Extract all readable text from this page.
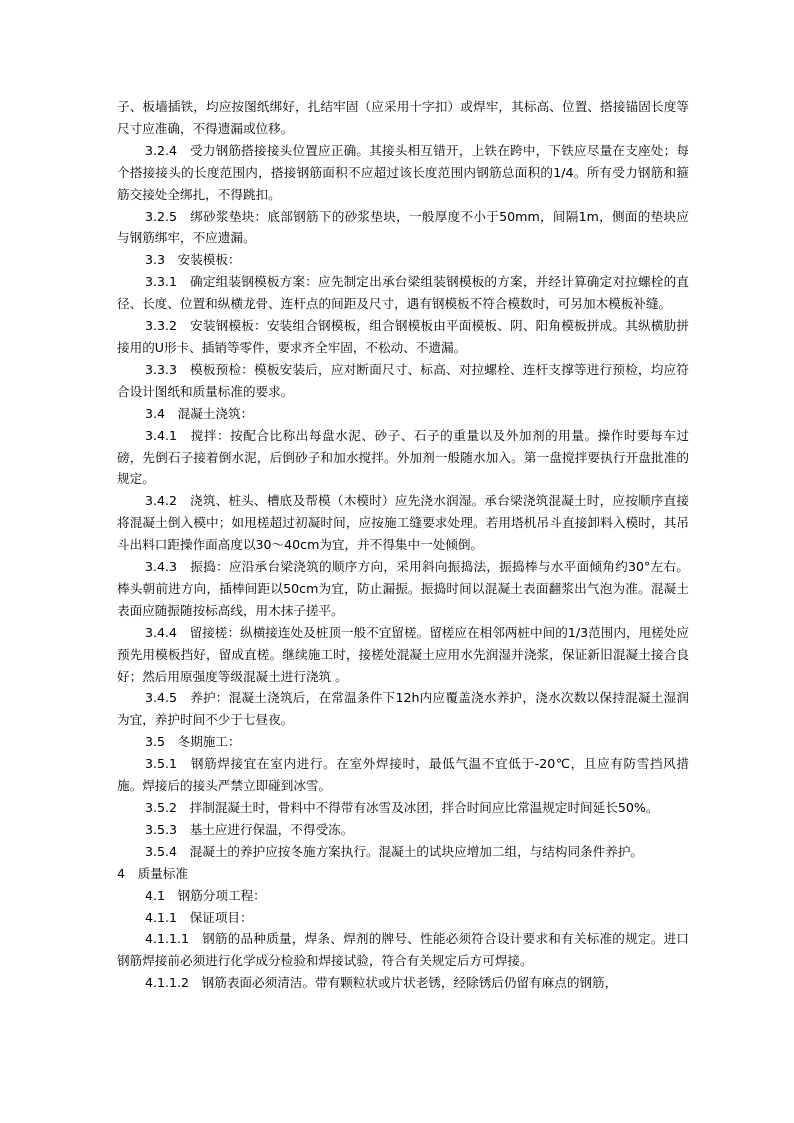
子、板墙插铁，均应按图纸绑好，扎结牢固（应采用十字扣）或焊牢，其标高、位置、搭接锚固长度等尺寸应准确，不得遗漏或位移。

3.2.4　受力钢筋搭接接头位置应正确。其接头相互错开，上铁在跨中，下铁应尽量在支座处；每个搭接接头的长度范围内，搭接钢筋面积不应超过该长度范围内钢筋总面积的1/4。所有受力钢筋和箍筋交接处全绑扎，不得跳扣。

3.2.5　绑砂浆垫块：底部钢筋下的砂浆垫块，一般厚度不小于50mm，间隔1m，侧面的垫块应与钢筋绑牢，不应遗漏。

3.3　安装模板：

3.3.1　确定组装钢模板方案：应先制定出承台梁组装钢模板的方案，并经计算确定对拉螺栓的直径、长度、位置和纵横龙骨、连杆点的间距及尺寸，遇有钢模板不符合模数时，可另加木模板补缝。

3.3.2　安装钢模板：安装组合钢模板，组合钢模板由平面模板、阴、阳角模板拼成。其纵横肋拼接用的U形卡、插销等零件，要求齐全牢固，不松动、不遗漏。

3.3.3　模板预检：模板安装后，应对断面尺寸、标高、对拉螺栓、连杆支撑等进行预检，均应符合设计图纸和质量标准的要求。

3.4　混凝土浇筑：

3.4.1　搅拌：按配合比称出每盘水泥、砂子、石子的重量以及外加剂的用量。操作时要每车过磅，先倒石子接着倒水泥，后倒砂子和加水搅拌。外加剂一般随水加入。第一盘搅拌要执行开盘批准的规定。

3.4.2　浇筑、桩头、槽底及帮模（木模时）应先浇水润湿。承台梁浇筑混凝土时，应按顺序直接将混凝土倒入模中；如甩槎超过初凝时间，应按施工缝要求处理。若用塔机吊斗直接卸料入模时，其吊斗出料口距操作面高度以30～40cm为宜，并不得集中一处倾倒。

3.4.3　振捣：应沿承台梁浇筑的顺序方向，采用斜向振捣法，振捣棒与水平面倾角约30°左右。棒头朝前进方向，插棒间距以50cm为宜，防止漏振。振捣时间以混凝土表面翻浆出气泡为准。混凝土表面应随振随按标高线，用木抹子搓平。

3.4.4　留接槎：纵横接连处及桩顶一般不宜留槎。留槎应在相邻两桩中间的1/3范围内，甩槎处应预先用模板挡好，留成直槎。继续施工时，接槎处混凝土应用水先润湿并浇浆，保证新旧混凝土接合良好；然后用原强度等级混凝土进行浇筑 。

3.4.5　养护：混凝土浇筑后，在常温条件下12h内应覆盖浇水养护，浇水次数以保持混凝土湿润为宜，养护时间不少于七昼夜。

3.5　冬期施工：

3.5.1　钢筋焊接宜在室内进行。在室外焊接时，最低气温不宜低于-20℃，且应有防雪挡风措施。焊接后的接头严禁立即碰到冰雪。

3.5.2　拌制混凝土时，骨料中不得带有冰雪及冰团，拌合时间应比常温规定时间延长50%。

3.5.3　基土应进行保温，不得受冻。

3.5.4　混凝土的养护应按冬施方案执行。混凝土的试块应增加二组，与结构同条件养护。

4　质量标准

4.1　钢筋分项工程：

4.1.1　保证项目：

4.1.1.1　钢筋的品种质量，焊条、焊剂的牌号、性能必须符合设计要求和有关标准的规定。进口钢筋焊接前必须进行化学成分检验和焊接试验，符合有关规定后方可焊接。

4.1.1.2　钢筋表面必须清洁。带有颗粒状或片状老锈，经除锈后仍留有麻点的钢筋，
